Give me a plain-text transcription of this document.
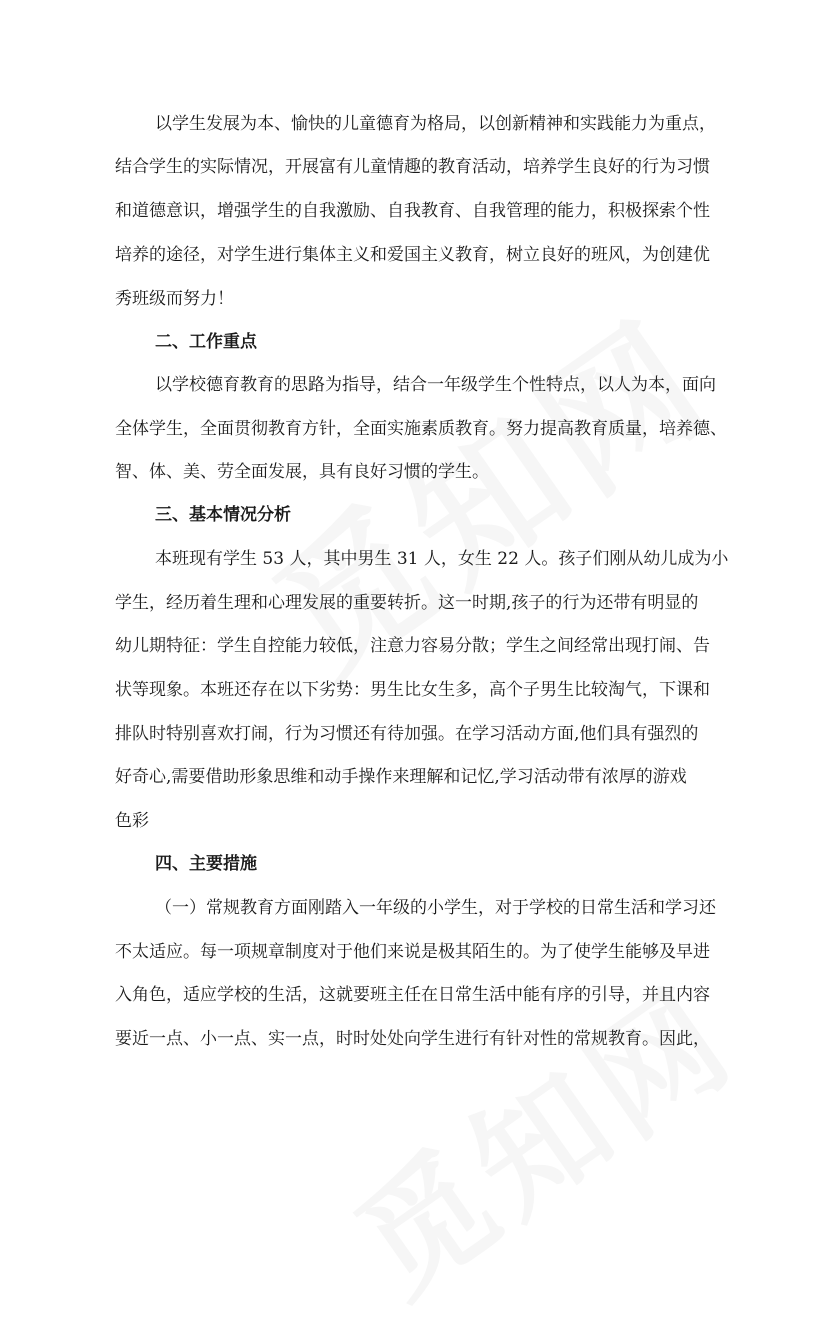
以学生发展为本、愉快的儿童德育为格局，以创新精神和实践能力为重点，
结合学生的实际情况，开展富有儿童情趣的教育活动，培养学生良好的行为习惯
和道德意识，增强学生的自我激励、自我教育、自我管理的能力，积极探索个性
培养的途径，对学生进行集体主义和爱国主义教育，树立良好的班风，为创建优
秀班级而努力！
二、工作重点
以学校德育教育的思路为指导，结合一年级学生个性特点，以人为本，面向
全体学生，全面贯彻教育方针，全面实施素质教育。努力提高教育质量，培养德、
智、体、美、劳全面发展，具有良好习惯的学生。
三、基本情况分析
本班现有学生 53 人，其中男生 31 人，女生 22 人。孩子们刚从幼儿成为小
学生，经历着生理和心理发展的重要转折。这一时期,孩子的行为还带有明显的
幼儿期特征：学生自控能力较低，注意力容易分散；学生之间经常出现打闹、告
状等现象。本班还存在以下劣势：男生比女生多，高个子男生比较淘气，下课和
排队时特别喜欢打闹，行为习惯还有待加强。在学习活动方面,他们具有强烈的
好奇心,需要借助形象思维和动手操作来理解和记忆,学习活动带有浓厚的游戏
色彩
四、主要措施
（一）常规教育方面刚踏入一年级的小学生，对于学校的日常生活和学习还
不太适应。每一项规章制度对于他们来说是极其陌生的。为了使学生能够及早进
入角色，适应学校的生活，这就要班主任在日常生活中能有序的引导，并且内容
要近一点、小一点、实一点，时时处处向学生进行有针对性的常规教育。因此，
